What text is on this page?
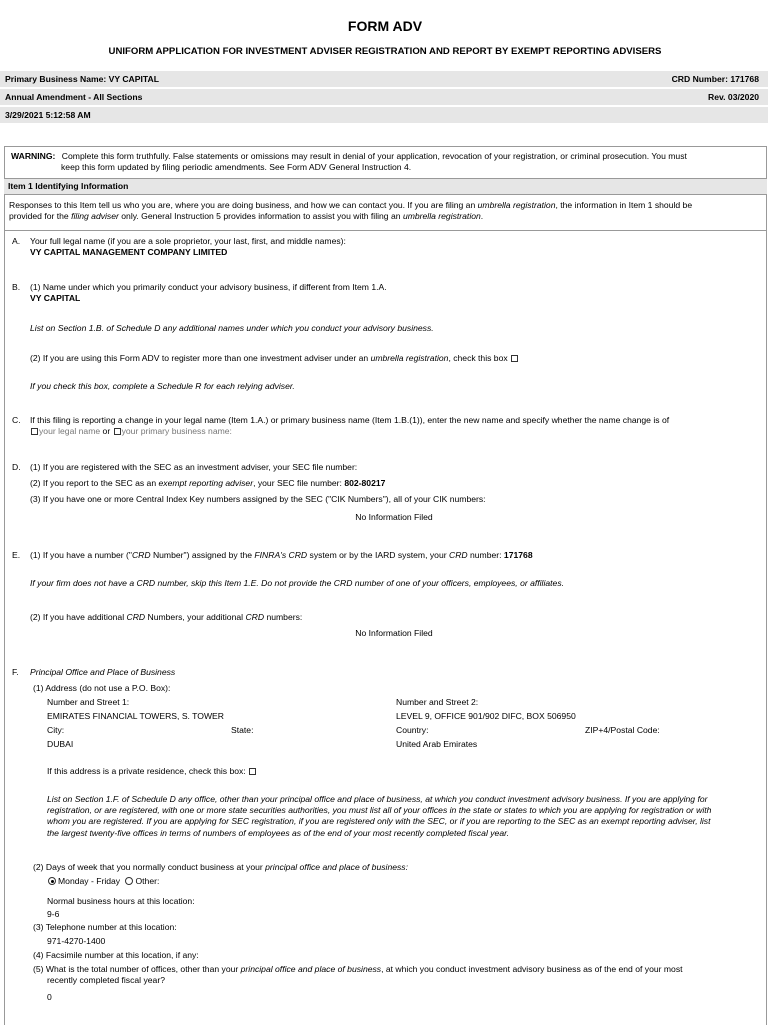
FORM ADV
UNIFORM APPLICATION FOR INVESTMENT ADVISER REGISTRATION AND REPORT BY EXEMPT REPORTING ADVISERS
Primary Business Name: VY CAPITAL	CRD Number: 171768
Annual Amendment - All Sections	Rev. 03/2020
3/29/2021 5:12:58 AM
WARNING: Complete this form truthfully. False statements or omissions may result in denial of your application, revocation of your registration, or criminal prosecution. You must
keep this form updated by filing periodic amendments. See Form ADV General Instruction 4.
Item 1 Identifying Information
Responses to this Item tell us who you are, where you are doing business, and how we can contact you. If you are filing an umbrella registration, the information in Item 1 should be
provided for the filing adviser only. General Instruction 5 provides information to assist you with filing an umbrella registration.
A. Your full legal name (if you are a sole proprietor, your last, first, and middle names):
VY CAPITAL MANAGEMENT COMPANY LIMITED
B. (1) Name under which you primarily conduct your advisory business, if different from Item 1.A.
VY CAPITAL
List on Section 1.B. of Schedule D any additional names under which you conduct your advisory business.
(2) If you are using this Form ADV to register more than one investment adviser under an umbrella registration, check this box
If you check this box, complete a Schedule R for each relying adviser.
C. If this filing is reporting a change in your legal name (Item 1.A.) or primary business name (Item 1.B.(1)), enter the new name and specify whether the name change is of
your legal name or your primary business name:
D. (1) If you are registered with the SEC as an investment adviser, your SEC file number:
(2) If you report to the SEC as an exempt reporting adviser, your SEC file number: 802-80217
(3) If you have one or more Central Index Key numbers assigned by the SEC ("CIK Numbers"), all of your CIK numbers:
No Information Filed
E. (1) If you have a number ("CRD Number") assigned by the FINRA's CRD system or by the IARD system, your CRD number: 171768
If your firm does not have a CRD number, skip this Item 1.E. Do not provide the CRD number of one of your officers, employees, or affiliates.
(2) If you have additional CRD Numbers, your additional CRD numbers:
No Information Filed
F. Principal Office and Place of Business
(1) Address (do not use a P.O. Box):
Number and Street 1:
EMIRATES FINANCIAL TOWERS, S. TOWER
City:
DUBAI
State:
Number and Street 2:
LEVEL 9, OFFICE 901/902 DIFC, BOX 506950
Country:
United Arab Emirates
ZIP+4/Postal Code:
If this address is a private residence, check this box:
List on Section 1.F. of Schedule D any office, other than your principal office and place of business, at which you conduct investment advisory business. If you are applying for
registration, or are registered, with one or more state securities authorities, you must list all of your offices in the state or states to which you are applying for registration or with
whom you are registered. If you are applying for SEC registration, if you are registered only with the SEC, or if you are reporting to the SEC as an exempt reporting adviser, list
the largest twenty-five offices in terms of numbers of employees as of the end of your most recently completed fiscal year.
(2) Days of week that you normally conduct business at your principal office and place of business:
Monday - Friday Other:
Normal business hours at this location:
9-6
(3) Telephone number at this location:
971-4270-1400
(4) Facsimile number at this location, if any:
(5) What is the total number of offices, other than your principal office and place of business, at which you conduct investment advisory business as of the end of your most
recently completed fiscal year?
0
